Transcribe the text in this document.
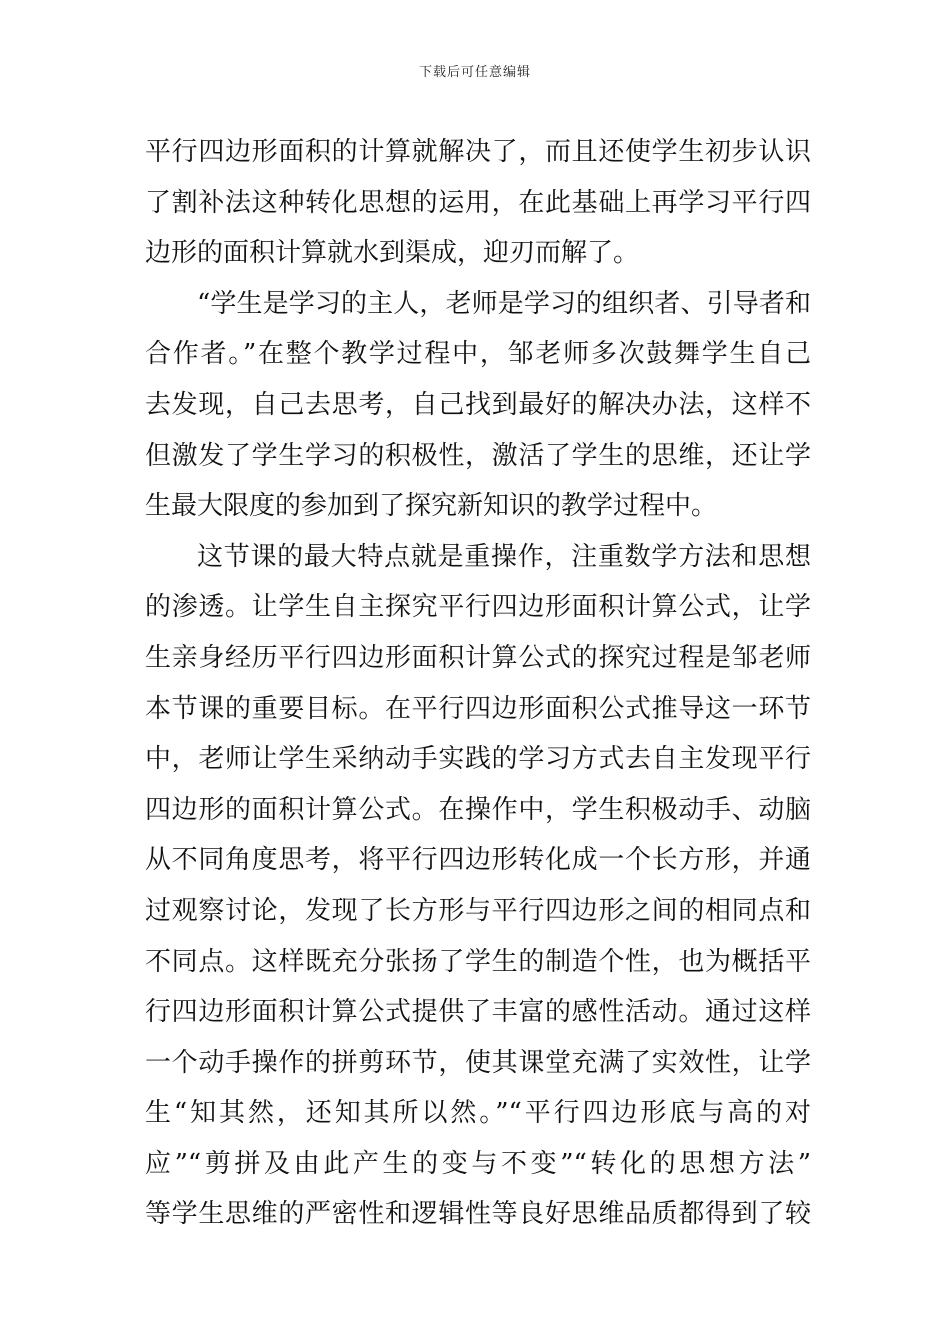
下载后可任意编辑
平行四边形面积的计算就解决了，而且还使学生初步认识
了割补法这种转化思想的运用，在此基础上再学习平行四
边形的面积计算就水到渠成，迎刃而解了。
“学生是学习的主人，老师是学习的组织者、引导者和
合作者。”在整个教学过程中，邹老师多次鼓舞学生自己
去发现，自己去思考，自己找到最好的解决办法，这样不
但激发了学生学习的积极性，激活了学生的思维，还让学
生最大限度的参加到了探究新知识的教学过程中。
这节课的最大特点就是重操作，注重数学方法和思想
的渗透。让学生自主探究平行四边形面积计算公式，让学
生亲身经历平行四边形面积计算公式的探究过程是邹老师
本节课的重要目标。在平行四边形面积公式推导这一环节
中，老师让学生采纳动手实践的学习方式去自主发现平行
四边形的面积计算公式。在操作中，学生积极动手、动脑
从不同角度思考，将平行四边形转化成一个长方形，并通
过观察讨论，发现了长方形与平行四边形之间的相同点和
不同点。这样既充分张扬了学生的制造个性，也为概括平
行四边形面积计算公式提供了丰富的感性活动。通过这样
一个动手操作的拼剪环节，使其课堂充满了实效性，让学
生“知其然，还知其所以然。”“平行四边形底与高的对
应”“剪拼及由此产生的变与不变”“转化的思想方法”
等学生思维的严密性和逻辑性等良好思维品质都得到了较
